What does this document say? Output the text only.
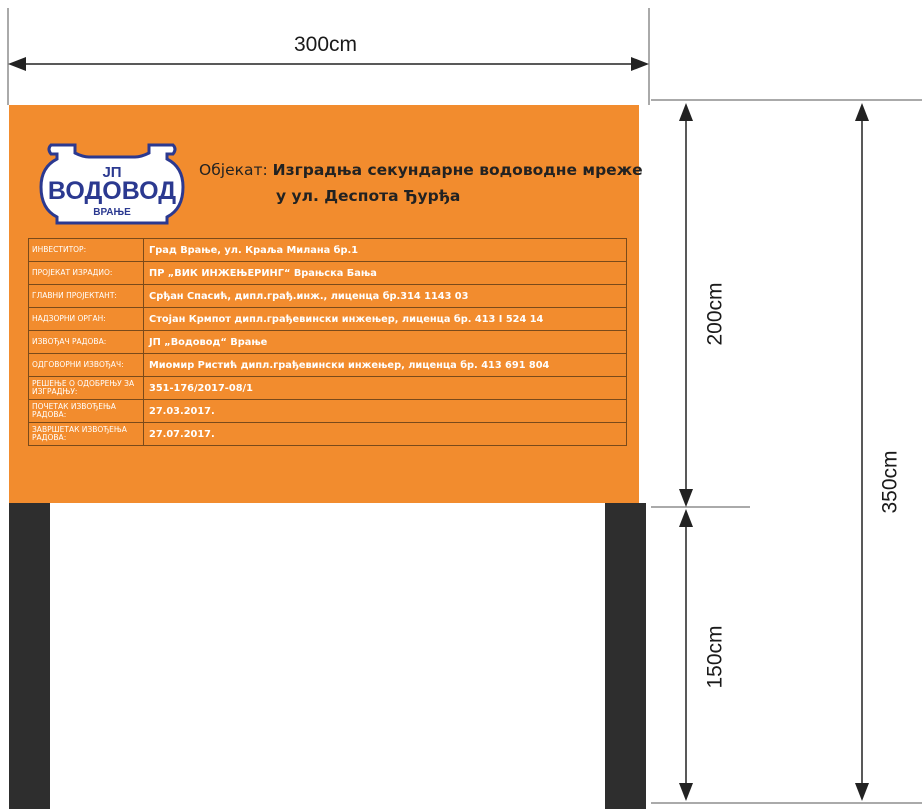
300cm
200cm
150cm
350cm
ЈП
ВОДОВОД
ВРАЊЕ
Објекат: Изградња секундарне водоводне мреже
у ул. Деспота Ђурђа
ИНВЕСТИТОР:	Град Врање, ул. Краља Милана бр.1
ПРОЈЕКАТ ИЗРАДИО:	ПР „ВИК ИНЖЕЊЕРИНГ“ Врањска Бања
ГЛАВНИ ПРОЈЕКТАНТ:	Срђан Спасић, дипл.грађ.инж., лиценца бр.314 1143 03
НАДЗОРНИ ОРГАН:	Стојан Крмпот дипл.грађевински инжењер, лиценца бр. 413 I 524 14
ИЗВОЂАЧ РАДОВА:	ЈП „Водовод“ Врање
ОДГОВОРНИ ИЗВОЂАЧ:	Миомир Ристић дипл.грађевински инжењер, лиценца бр. 413 691 804
РЕШЕЊЕ О ОДОБРЕЊУ ЗА ИЗГРАДЊУ:	351-176/2017-08/1
ПОЧЕТАК ИЗВОЂЕЊА РАДОВА:	27.03.2017.
ЗАВРШЕТАК ИЗВОЂЕЊА РАДОВА:	27.07.2017.
